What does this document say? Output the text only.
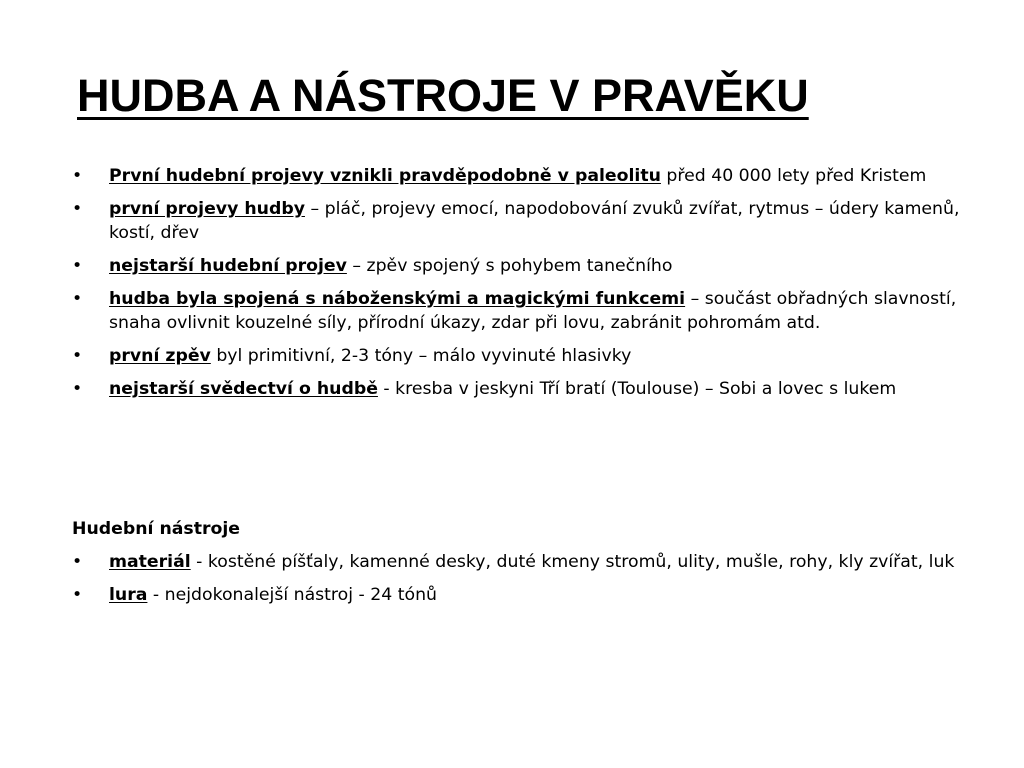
HUDBA A NÁSTROJE V PRAVĚKU
•	První hudební projevy vznikli pravděpodobně v paleolitu před 40 000 lety před Kristem
•	první projevy hudby – pláč, projevy emocí, napodobování zvuků zvířat, rytmus – údery kamenů, kostí, dřev
•	nejstarší hudební projev – zpěv spojený s pohybem tanečního
•	hudba byla spojená s náboženskými a magickými funkcemi – součást obřadných slavností, snaha ovlivnit kouzelné síly, přírodní úkazy, zdar při lovu, zabránit pohromám atd.
•	první zpěv byl primitivní, 2-3 tóny – málo vyvinuté hlasivky
•	nejstarší svědectví o hudbě - kresba v jeskyni Tří bratí (Toulouse) – Sobi a lovec s lukem
Hudební nástroje
•	materiál - kostěné píšťaly, kamenné desky, duté kmeny stromů, ulity, mušle, rohy, kly zvířat, luk
•	lura - nejdokonalejší nástroj - 24 tónů
